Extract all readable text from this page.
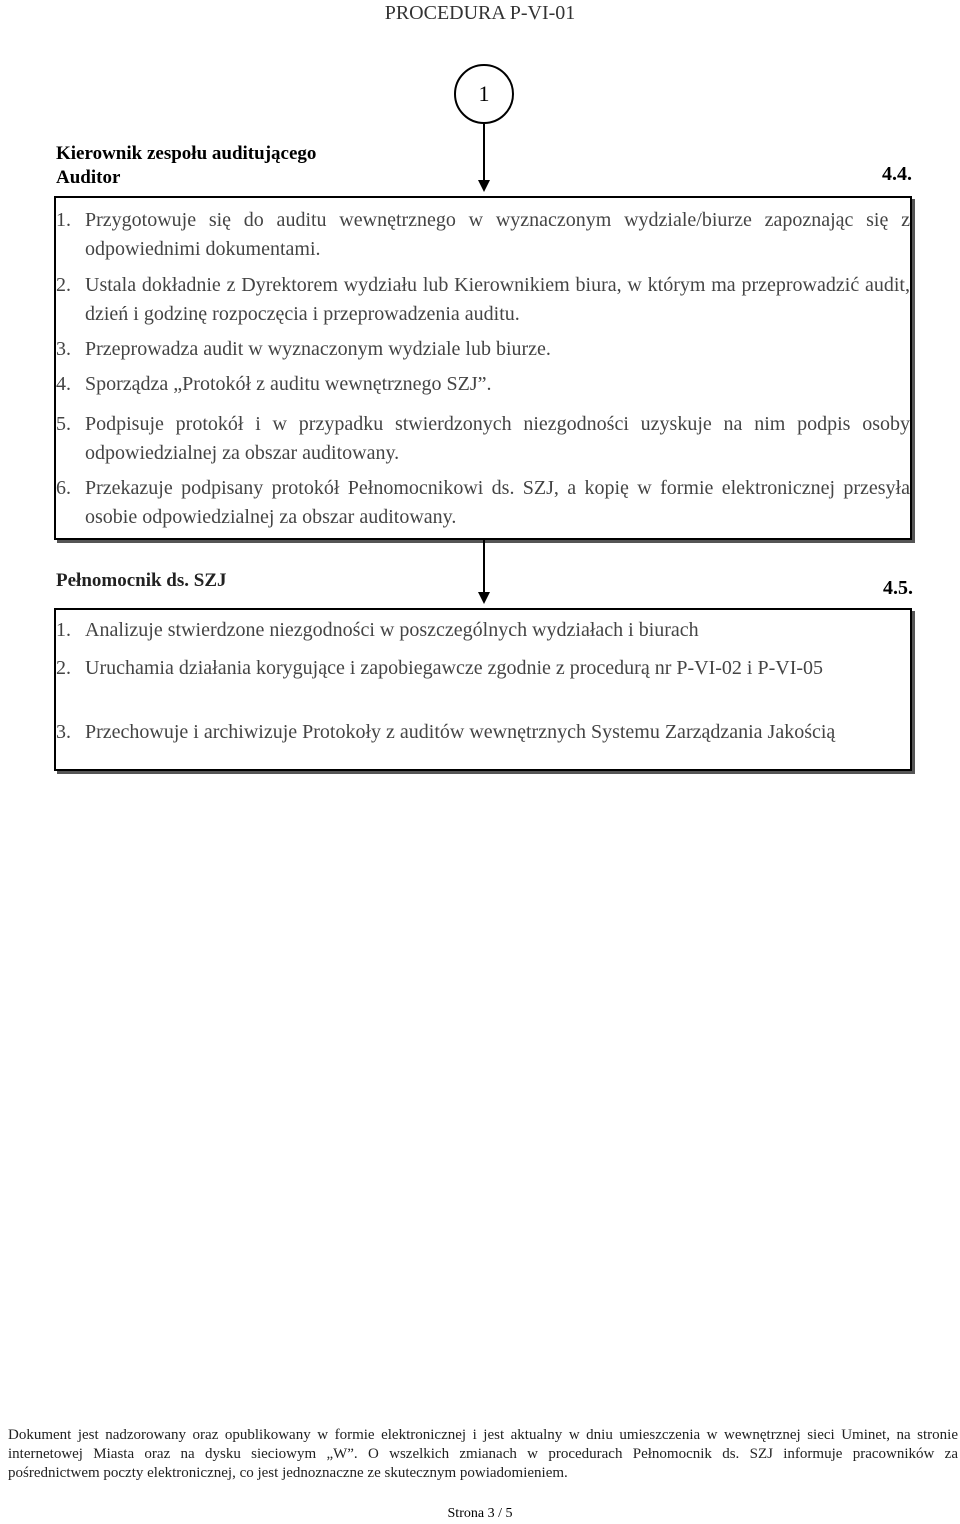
PROCEDURA P-VI-01
1
Kierownik zespołu auditującego
Auditor	4.4.
1. Przygotowuje się do auditu wewnętrznego w wyznaczonym wydziale/biurze zapoznając się z odpowiednimi dokumentami.
2. Ustala dokładnie z Dyrektorem wydziału lub Kierownikiem biura, w którym ma przeprowadzić audit, dzień i godzinę rozpoczęcia i przeprowadzenia auditu.
3. Przeprowadza audit w wyznaczonym wydziale lub biurze.
4. Sporządza „Protokół z auditu wewnętrznego SZJ”.
5. Podpisuje protokół i w przypadku stwierdzonych niezgodności uzyskuje na nim podpis osoby odpowiedzialnej za obszar auditowany.
6. Przekazuje podpisany protokół Pełnomocnikowi ds. SZJ, a kopię w formie elektronicznej przesyła osobie odpowiedzialnej za obszar auditowany.
Pełnomocnik ds. SZJ	4.5.
1. Analizuje stwierdzone niezgodności w poszczególnych wydziałach i biurach
2. Uruchamia działania korygujące i zapobiegawcze zgodnie z procedurą nr P-VI-02 i P-VI-05
3. Przechowuje i archiwizuje Protokoły z auditów wewnętrznych Systemu Zarządzania Jakością
Dokument jest nadzorowany oraz opublikowany w formie elektronicznej i jest aktualny w dniu umieszczenia w wewnętrznej sieci Uminet, na stronie
internetowej Miasta oraz na dysku sieciowym „W”. O wszelkich zmianach w procedurach Pełnomocnik ds. SZJ informuje pracowników za
pośrednictwem poczty elektronicznej, co jest jednoznaczne ze skutecznym powiadomieniem.
Strona 3 / 5
